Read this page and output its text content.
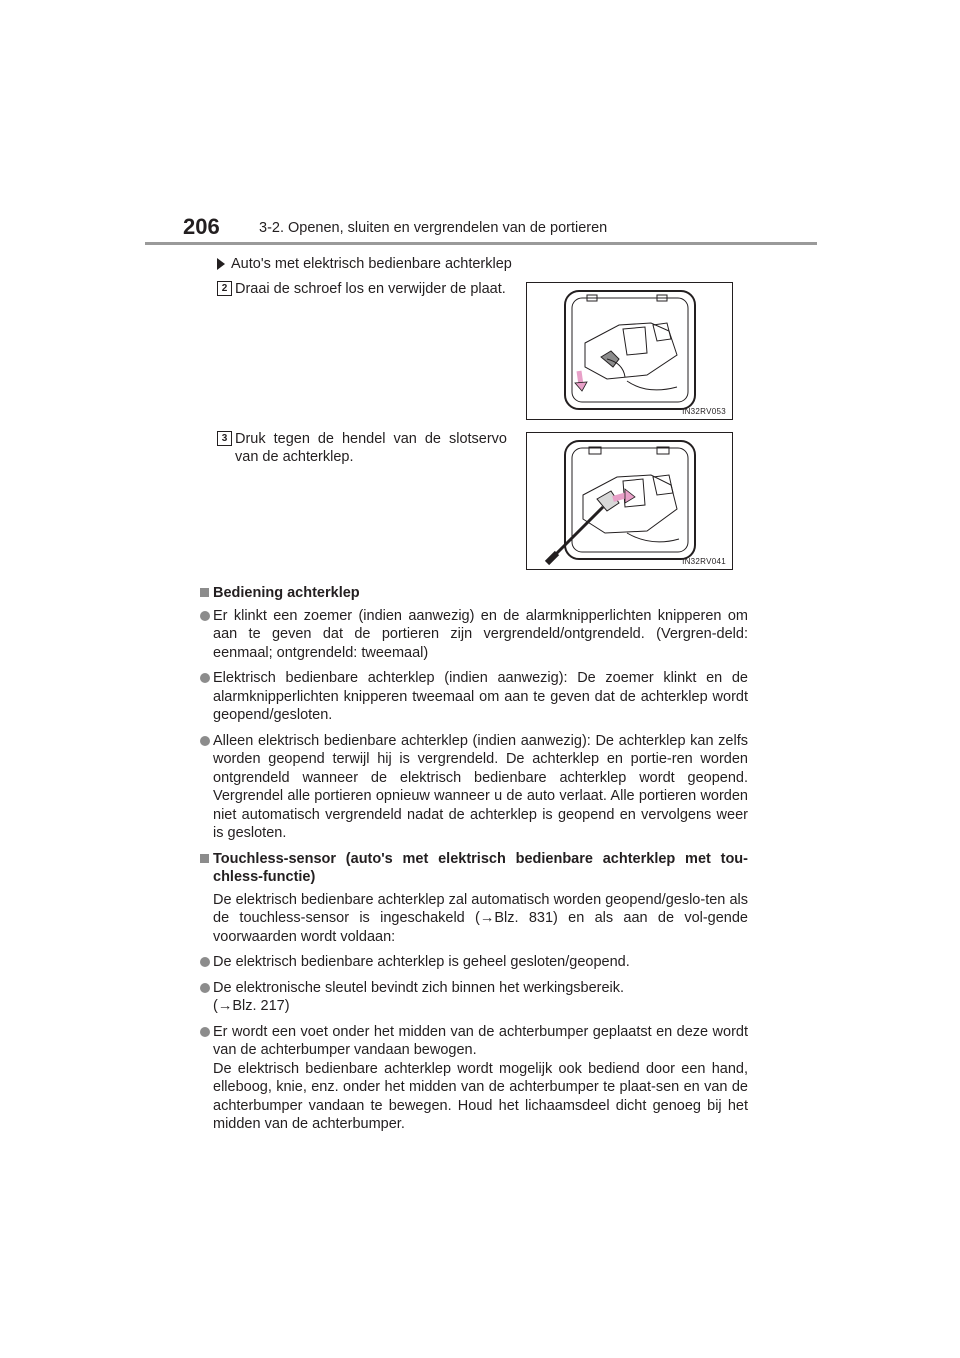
206	3-2. Openen, sluiten en vergrendelen van de portieren
Auto's met elektrisch bedienbare achterklep
2 Draai de schroef los en verwijder de plaat.
IN32RV053
3 Druk tegen de hendel van de slotservo van de achterklep.
IN32RV041
Bediening achterklep
Er klinkt een zoemer (indien aanwezig) en de alarmknipperlichten knipperen om aan te geven dat de portieren zijn vergrendeld/ontgrendeld. (Vergren-deld: eenmaal; ontgrendeld: tweemaal)
Elektrisch bedienbare achterklep (indien aanwezig): De zoemer klinkt en de alarmknipperlichten knipperen tweemaal om aan te geven dat de achterklep wordt geopend/gesloten.
Alleen elektrisch bedienbare achterklep (indien aanwezig): De achterklep kan zelfs worden geopend terwijl hij is vergrendeld. De achterklep en portie-ren worden ontgrendeld wanneer de elektrisch bedienbare achterklep wordt geopend. Vergrendel alle portieren opnieuw wanneer u de auto verlaat. Alle portieren worden niet automatisch vergrendeld nadat de achterklep is geopend en vervolgens weer is gesloten.
Touchless-sensor (auto's met elektrisch bedienbare achterklep met tou-chless-functie)
De elektrisch bedienbare achterklep zal automatisch worden geopend/geslo-ten als de touchless-sensor is ingeschakeld (→Blz. 831) en als aan de vol-gende voorwaarden wordt voldaan:
De elektrisch bedienbare achterklep is geheel gesloten/geopend.
De elektronische sleutel bevindt zich binnen het werkingsbereik.
(→Blz. 217)
Er wordt een voet onder het midden van de achterbumper geplaatst en deze wordt van de achterbumper vandaan bewogen.
De elektrisch bedienbare achterklep wordt mogelijk ook bediend door een hand, elleboog, knie, enz. onder het midden van de achterbumper te plaat-sen en van de achterbumper vandaan te bewegen. Houd het lichaamsdeel dicht genoeg bij het midden van de achterbumper.
